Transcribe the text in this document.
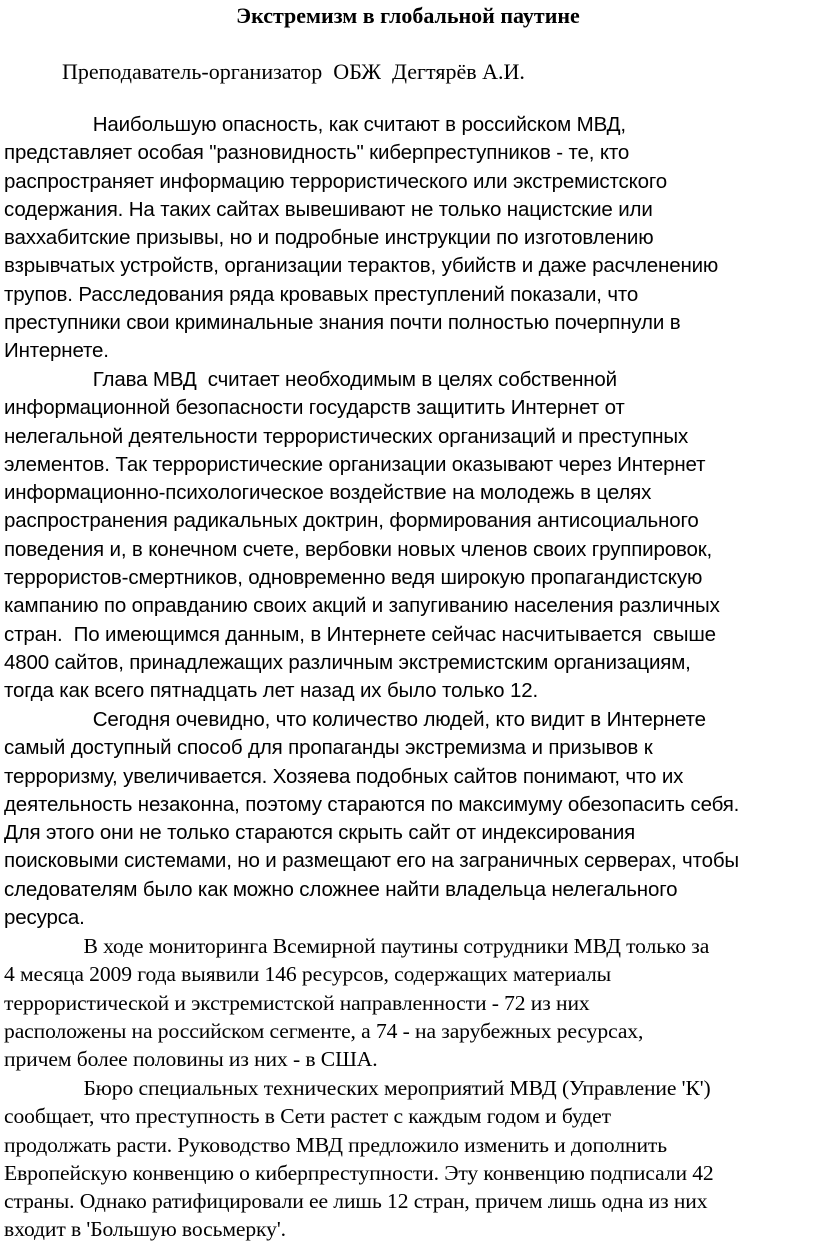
Экстремизм в глобальной паутине
Преподаватель-организатор  ОБЖ  Дегтярёв А.И.
Наибольшую опасность, как считают в российском МВД,
представляет особая "разновидность" киберпреступников - те, кто
распространяет информацию террористического или экстремистского
содержания. На таких сайтах вывешивают не только нацистские или
ваххабитские призывы, но и подробные инструкции по изготовлению
взрывчатых устройств, организации терактов, убийств и даже расчленению
трупов. Расследования ряда кровавых преступлений показали, что
преступники свои криминальные знания почти полностью почерпнули в
Интернете.
Глава МВД  считает необходимым в целях собственной
информационной безопасности государств защитить Интернет от
нелегальной деятельности террористических организаций и преступных
элементов. Так террористические организации оказывают через Интернет
информационно-психологическое воздействие на молодежь в целях
распространения радикальных доктрин, формирования антисоциального
поведения и, в конечном счете, вербовки новых членов своих группировок,
террористов-смертников, одновременно ведя широкую пропагандистскую
кампанию по оправданию своих акций и запугиванию населения различных
стран.  По имеющимся данным, в Интернете сейчас насчитывается  свыше
4800 сайтов, принадлежащих различным экстремистским организациям,
тогда как всего пятнадцать лет назад их было только 12.
Сегодня очевидно, что количество людей, кто видит в Интернете
самый доступный способ для пропаганды экстремизма и призывов к
терроризму, увеличивается. Хозяева подобных сайтов понимают, что их
деятельность незаконна, поэтому стараются по максимуму обезопасить себя.
Для этого они не только стараются скрыть сайт от индексирования
поисковыми системами, но и размещают его на заграничных серверах, чтобы
следователям было как можно сложнее найти владельца нелегального
ресурса.
В ходе мониторинга Всемирной паутины сотрудники МВД только за
4 месяца 2009 года выявили 146 ресурсов, содержащих материалы
террористической и экстремистской направленности - 72 из них
расположены на российском сегменте, а 74 - на зарубежных ресурсах,
причем более половины из них - в США.
Бюро специальных технических мероприятий МВД (Управление 'К')
сообщает, что преступность в Сети растет с каждым годом и будет
продолжать расти. Руководство МВД предложило изменить и дополнить
Европейскую конвенцию о киберпреступности. Эту конвенцию подписали 42
страны. Однако ратифицировали ее лишь 12 стран, причем лишь одна из них
входит в 'Большую восьмерку'.
